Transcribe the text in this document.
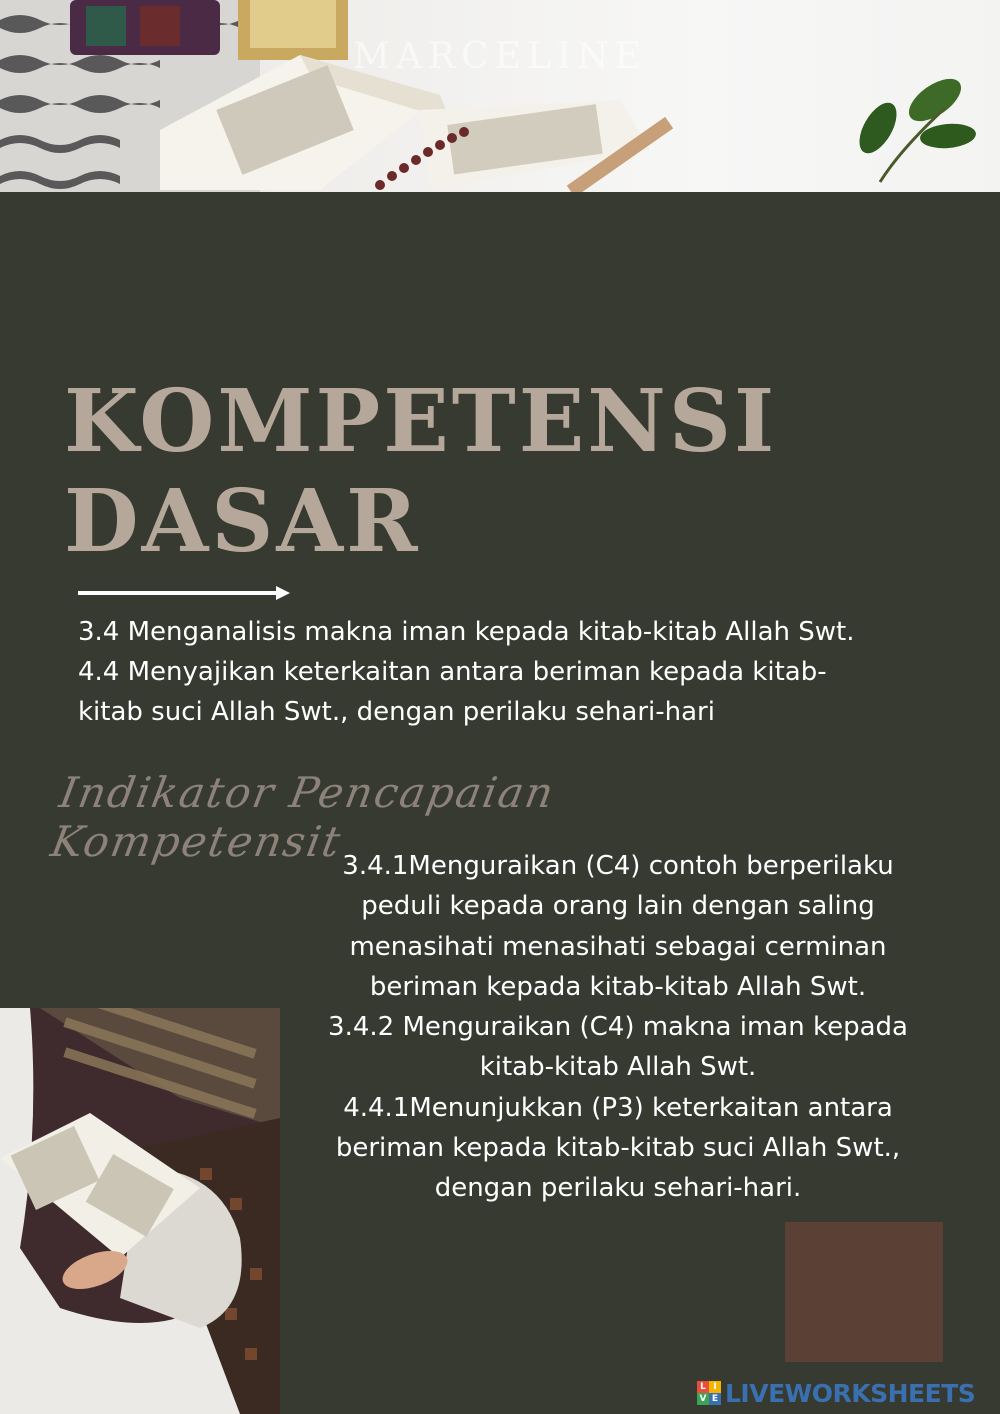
MARCELINE
KOMPETENSI
DASAR
3.4 Menganalisis makna iman kepada kitab-kitab Allah Swt.
4.4 Menyajikan keterkaitan antara beriman kepada kitab-
kitab suci Allah Swt., dengan perilaku sehari-hari
Indikator Pencapaian Kompetensit
3.4.1Menguraikan (C4) contoh berperilaku peduli kepada orang lain dengan saling menasihati menasihati sebagai cerminan beriman kepada kitab-kitab Allah Swt.
3.4.2 Menguraikan (C4) makna iman kepada kitab-kitab Allah Swt.
4.4.1Menunjukkan (P3) keterkaitan antara beriman kepada kitab-kitab suci Allah Swt., dengan perilaku sehari-hari.
L I
V E LIVEWORKSHEETS
